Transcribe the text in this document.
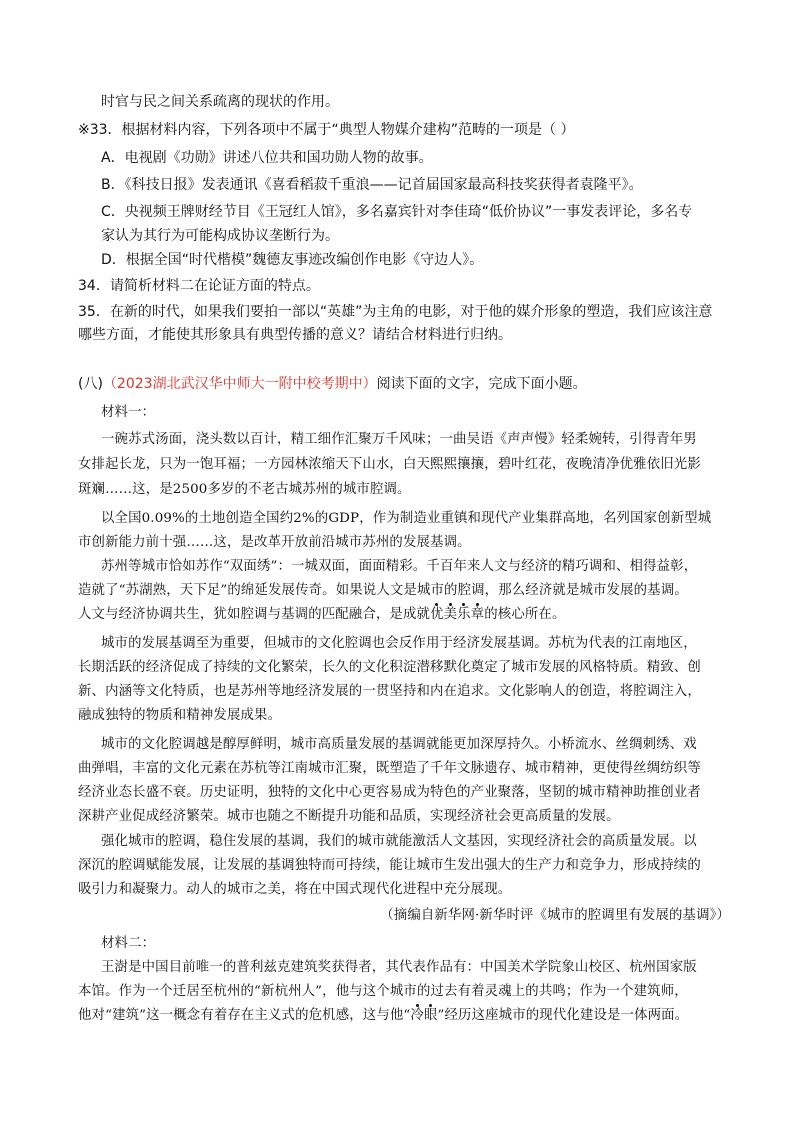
时官与民之间关系疏离的现状的作用。
※33．根据材料内容，下列各项中不属于“典型人物媒介建构”范畴的一项是（ ）
A．电视剧《功勋》讲述八位共和国功勋人物的故事。
B．《科技日报》发表通讯《喜看稻菽千重浪——记首届国家最高科技奖获得者袁隆平》。
C．央视频王牌财经节目《王冠红人馆》，多名嘉宾针对李佳琦“低价协议”一事发表评论，多名专
家认为其行为可能构成协议垄断行为。
D．根据全国“时代楷模”魏德友事迹改编创作电影《守边人》。
34．请简析材料二在论证方面的特点。
35．在新的时代，如果我们要拍一部以“英雄”为主角的电影，对于他的媒介形象的塑造，我们应该注意
哪些方面，才能使其形象具有典型传播的意义？请结合材料进行归纳。
(八)（2023湖北武汉华中师大一附中校考期中）阅读下面的文字，完成下面小题。
材料一：
一碗苏式汤面，浇头数以百计，精工细作汇聚万千风味；一曲吴语《声声慢》轻柔婉转，引得青年男
女排起长龙，只为一饱耳福；一方园林浓缩天下山水，白天熙熙攘攘，碧叶红花，夜晚清净优雅依旧光影
斑斓……这，是2500多岁的不老古城苏州的城市腔调。
以全国0.09%的土地创造全国约2%的GDP，作为制造业重镇和现代产业集群高地，名列国家创新型城
市创新能力前十强……这，是改革开放前沿城市苏州的发展基调。
苏州等城市恰如苏作“双面绣”：一城双面，面面精彩。千百年来人文与经济的精巧调和、相得益彰，
造就了“苏湖熟，天下足”的绵延发展传奇。如果说人文是城市的腔调，那么经济就是城市发展的基调。
人文与经济协调共生，犹如腔调与基调的匹配融合，是成就优美乐章的核心所在。
城市的发展基调至为重要，但城市的文化腔调也会反作用于经济发展基调。苏杭为代表的江南地区，
长期活跃的经济促成了持续的文化繁荣，长久的文化积淀潜移默化奠定了城市发展的风格特质。精致、创
新、内涵等文化特质，也是苏州等地经济发展的一贯坚持和内在追求。文化影响人的创造，将腔调注入，
融成独特的物质和精神发展成果。
城市的文化腔调越是醇厚鲜明，城市高质量发展的基调就能更加深厚持久。小桥流水、丝绸刺绣、戏
曲弹唱，丰富的文化元素在苏杭等江南城市汇聚，既塑造了千年文脉遗存、城市精神，更使得丝绸纺织等
经济业态长盛不衰。历史证明，独特的文化中心更容易成为特色的产业聚落，坚韧的城市精神助推创业者
深耕产业促成经济繁荣。城市也随之不断提升功能和品质，实现经济社会更高质量的发展。
强化城市的腔调，稳住发展的基调，我们的城市就能激活人文基因，实现经济社会的高质量发展。以
深沉的腔调赋能发展，让发展的基调独特而可持续，能让城市生发出强大的生产力和竞争力，形成持续的
吸引力和凝聚力。动人的城市之美，将在中国式现代化进程中充分展现。
（摘编自新华网·新华时评《城市的腔调里有发展的基调》）
材料二：
王澍是中国目前唯一的普利兹克建筑奖获得者，其代表作品有：中国美术学院象山校区、杭州国家版
本馆。作为一个迁居至杭州的“新杭州人”，他与这个城市的过去有着灵魂上的共鸣；作为一个建筑师，
他对“建筑”这一概念有着存在主义式的危机感，这与他“冷眼”经历这座城市的现代化建设是一体两面。
